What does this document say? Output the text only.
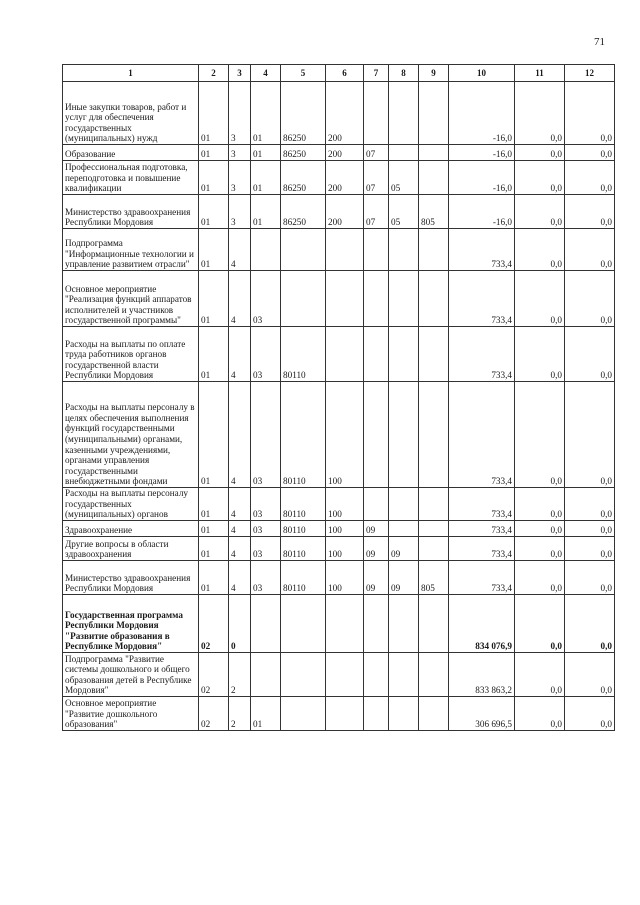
71
1	2	3	4	5	6	7	8	9	10	11	12
Иные закупки товаров, работ и услуг для обеспечения государственных (муниципальных) нужд	01	3	01	86250	200				-16,0	0,0	0,0
Образование	01	3	01	86250	200	07			-16,0	0,0	0,0
Профессиональная подготовка, переподготовка и повышение квалификации	01	3	01	86250	200	07	05		-16,0	0,0	0,0
Министерство здравоохранения Республики Мордовия	01	3	01	86250	200	07	05	805	-16,0	0,0	0,0
Подпрограмма "Информационные технологии и управление развитием отрасли"	01	4							733,4	0,0	0,0
Основное мероприятие "Реализация функций аппаратов исполнителей и участников государственной программы"	01	4	03						733,4	0,0	0,0
Расходы на выплаты по оплате труда работников органов государственной власти Республики Мордовия	01	4	03	80110					733,4	0,0	0,0
Расходы на выплаты персоналу в целях обеспечения выполнения функций государственными (муниципальными) органами, казенными учреждениями, органами управления государственными внебюджетными фондами	01	4	03	80110	100				733,4	0,0	0,0
Расходы на выплаты персоналу государственных (муниципальных) органов	01	4	03	80110	100				733,4	0,0	0,0
Здравоохранение	01	4	03	80110	100	09			733,4	0,0	0,0
Другие вопросы в области здравоохранения	01	4	03	80110	100	09	09		733,4	0,0	0,0
Министерство здравоохранения Республики Мордовия	01	4	03	80110	100	09	09	805	733,4	0,0	0,0
Государственная программа Республики Мордовия "Развитие образования в Республике Мордовия"	02	0							834 076,9	0,0	0,0
Подпрограмма "Развитие системы дошкольного и общего образования детей в Республике Мордовия"	02	2							833 863,2	0,0	0,0
Основное мероприятие "Развитие дошкольного образования"	02	2	01						306 696,5	0,0	0,0
